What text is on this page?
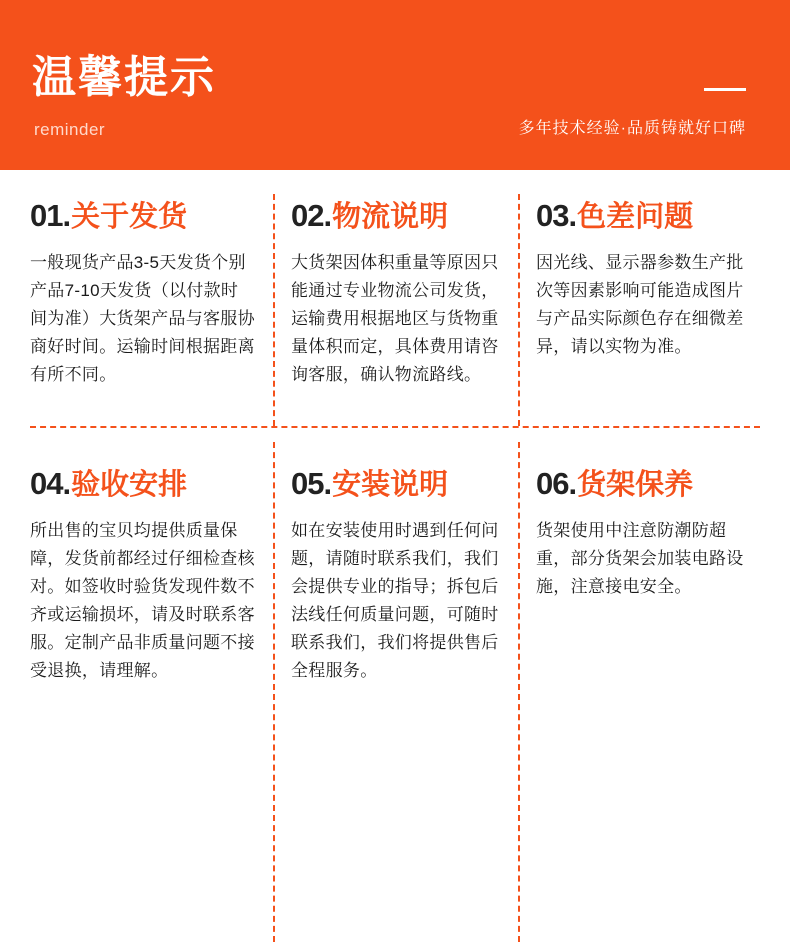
温馨提示
reminder	多年技术经验·品质铸就好口碑
01 . 关于发货
一般现货产品3-5天发货个别产品7-10天发货（以付款时间为准）大货架产品与客服协商好时间。运输时间根据距离有所不同。
02 . 物流说明
大货架因体积重量等原因只能通过专业物流公司发货，运输费用根据地区与货物重量体积而定，具体费用请咨询客服，确认物流路线。
03 . 色差问题
因光线、显示器参数生产批次等因素影响可能造成图片与产品实际颜色存在细微差异，请以实物为准。
04 . 验收安排
所出售的宝贝均提供质量保障，发货前都经过仔细检查核对。如签收时验货发现件数不齐或运输损坏，请及时联系客服。定制产品非质量问题不接受退换，请理解。
05 . 安装说明
如在安装使用时遇到任何问题，请随时联系我们，我们会提供专业的指导；拆包后法线任何质量问题，可随时联系我们，我们将提供售后全程服务。
06 . 货架保养
货架使用中注意防潮防超重，部分货架会加装电路设施，注意接电安全。
